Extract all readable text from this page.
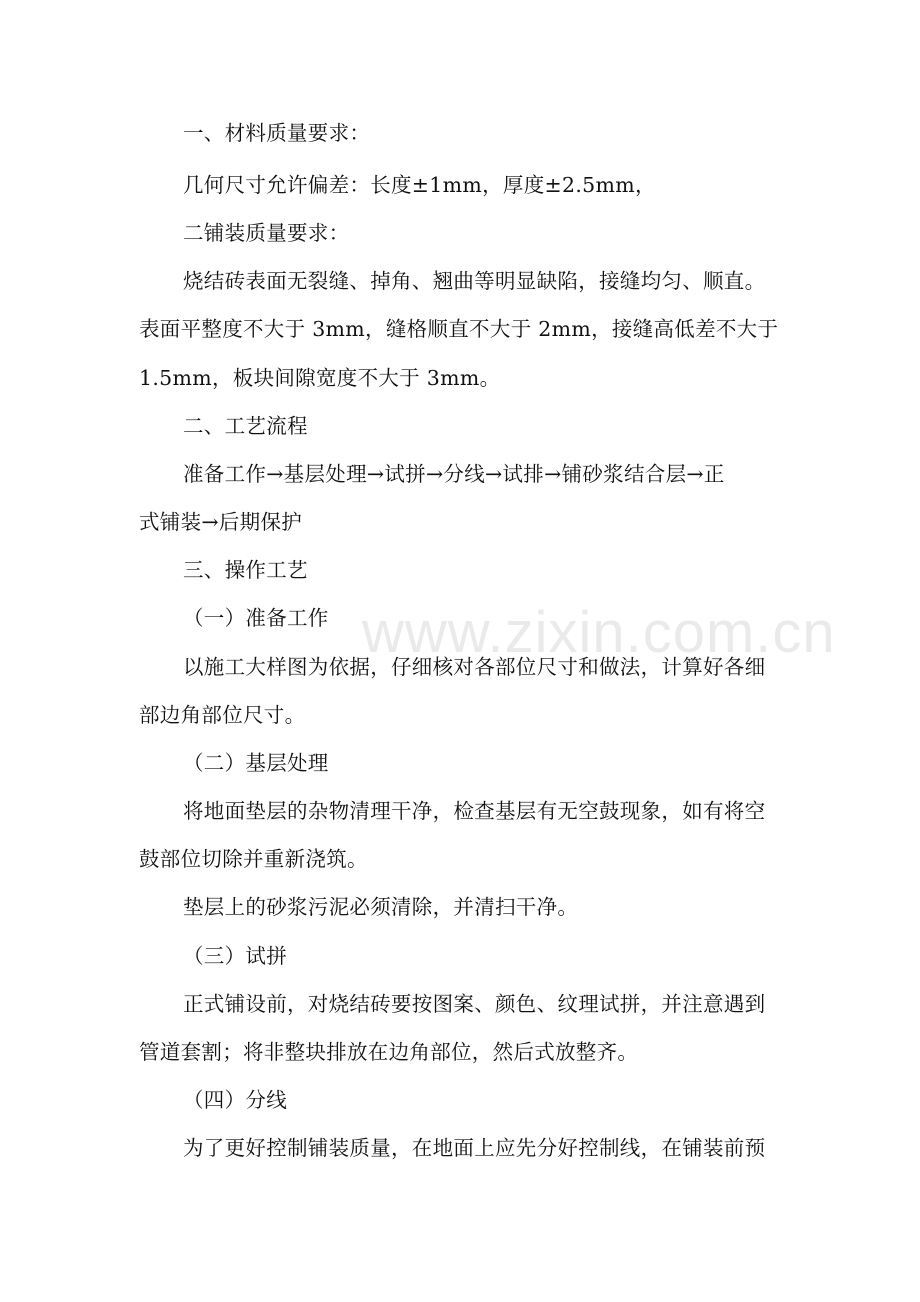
一、材料质量要求：
几何尺寸允许偏差：长度±1mm，厚度±2.5mm，
二铺装质量要求：
烧结砖表面无裂缝、掉角、翘曲等明显缺陷，接缝均匀、顺直。
表面平整度不大于 3mm，缝格顺直不大于 2mm，接缝高低差不大于
1.5mm，板块间隙宽度不大于 3mm。
二、工艺流程
准备工作→基层处理→试拼→分线→试排→铺砂浆结合层→正
式铺装→后期保护
三、操作工艺
（一）准备工作
以施工大样图为依据，仔细核对各部位尺寸和做法，计算好各细
部边角部位尺寸。
（二）基层处理
将地面垫层的杂物清理干净，检查基层有无空鼓现象，如有将空
鼓部位切除并重新浇筑。
垫层上的砂浆污泥必须清除，并清扫干净。
（三）试拼
正式铺设前，对烧结砖要按图案、颜色、纹理试拼，并注意遇到
管道套割；将非整块排放在边角部位，然后式放整齐。
（四）分线
为了更好控制铺装质量，在地面上应先分好控制线，在铺装前预
www.zixin.com.cn
